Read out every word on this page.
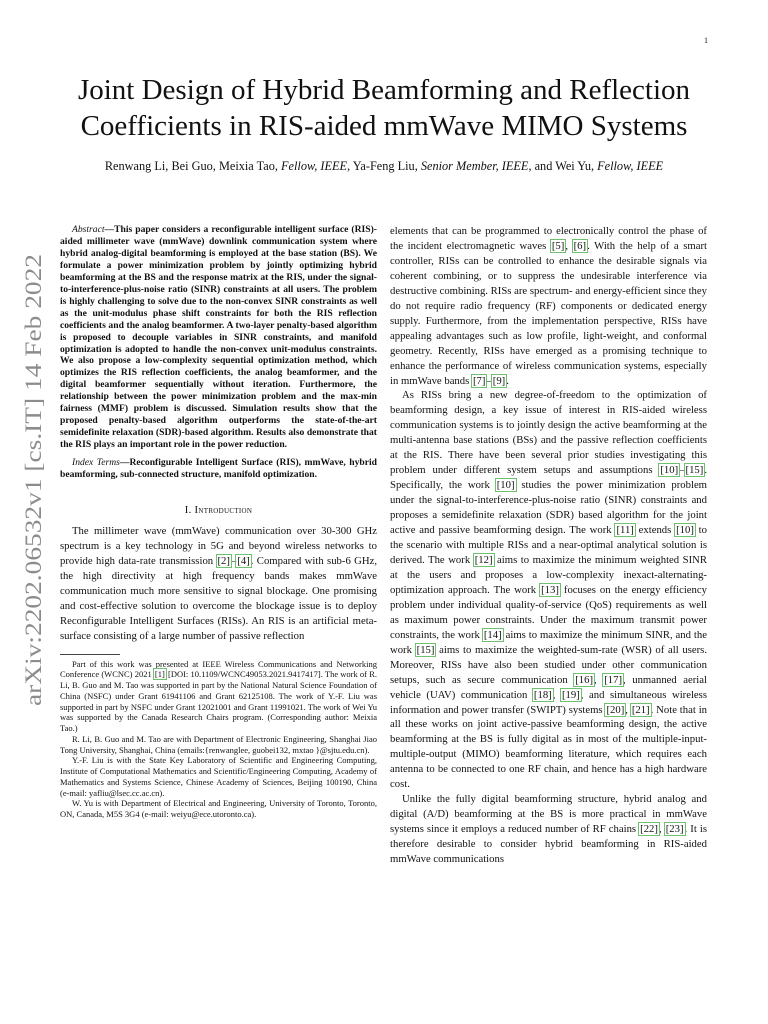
1
arXiv:2202.06532v1 [cs.IT] 14 Feb 2022
Joint Design of Hybrid Beamforming and Reflection
Coefficients in RIS-aided mmWave MIMO Systems
Renwang Li, Bei Guo, Meixia Tao, Fellow, IEEE, Ya-Feng Liu, Senior Member, IEEE, and Wei Yu, Fellow, IEEE

Abstract—This paper considers a reconfigurable intelligent surface (RIS)-aided millimeter wave (mmWave) downlink communication system where hybrid analog-digital beamforming is employed at the base station (BS). We formulate a power minimization problem by jointly optimizing hybrid beamforming at the BS and the response matrix at the RIS, under the signal-to-interference-plus-noise ratio (SINR) constraints at all users. The problem is highly challenging to solve due to the non-convex SINR constraints as well as the unit-modulus phase shift constraints for both the RIS reflection coefficients and the analog beamformer. A two-layer penalty-based algorithm is proposed to decouple variables in SINR constraints, and manifold optimization is adopted to handle the non-convex unit-modulus constraints. We also propose a low-complexity sequential optimization method, which optimizes the RIS reflection coefficients, the analog beamformer, and the digital beamformer sequentially without iteration. Furthermore, the relationship between the power minimization problem and the max-min fairness (MMF) problem is discussed. Simulation results show that the proposed penalty-based algorithm outperforms the state-of-the-art semidefinite relaxation (SDR)-based algorithm. Results also demonstrate that the RIS plays an important role in the power reduction.

Index Terms—Reconfigurable Intelligent Surface (RIS), mmWave, hybrid beamforming, sub-connected structure, manifold optimization.

I. Introduction

The millimeter wave (mmWave) communication over 30-300 GHz spectrum is a key technology in 5G and beyond wireless networks to provide high data-rate transmission [2]–[4]. Compared with sub-6 GHz, the high directivity at high frequency bands makes mmWave communication much more sensitive to signal blockage. One promising and cost-effective solution to overcome the blockage issue is to deploy Reconfigurable Intelligent Surfaces (RISs). An RIS is an artificial meta-surface consisting of a large number of passive reflection

Part of this work was presented at IEEE Wireless Communications and Networking Conference (WCNC) 2021 [1] [DOI: 10.1109/WCNC49053.2021.9417417]. The work of R. Li, B. Guo and M. Tao was supported in part by the National Natural Science Foundation of China (NSFC) under Grant 61941106 and Grant 62125108. The work of Y.-F. Liu was supported in part by NSFC under Grant 12021001 and Grant 11991021. The work of Wei Yu was supported by the Canada Research Chairs program. (Corresponding author: Meixia Tao.)

R. Li, B. Guo and M. Tao are with Department of Electronic Engineering, Shanghai Jiao Tong University, Shanghai, China (emails:{renwanglee, guobei132, mxtao }@sjtu.edu.cn).

Y.-F. Liu is with the State Key Laboratory of Scientific and Engineering Computing, Institute of Computational Mathematics and Scientific/Engineering Computing, Academy of Mathematics and Systems Science, Chinese Academy of Sciences, Beijing 100190, China (e-mail: yafliu@lsec.cc.ac.cn).

W. Yu is with Department of Electrical and Engineering, University of Toronto, Toronto, ON, Canada, M5S 3G4 (e-mail: weiyu@ece.utoronto.ca).

elements that can be programmed to electronically control the phase of the incident electromagnetic waves [5], [6]. With the help of a smart controller, RISs can be controlled to enhance the desirable signals via coherent combining, or to suppress the undesirable interference via destructive combining. RISs are spectrum- and energy-efficient since they do not require radio frequency (RF) components or dedicated energy supply. Furthermore, from the implementation perspective, RISs have appealing advantages such as low profile, light-weight, and conformal geometry. Recently, RISs have emerged as a promising technique to enhance the performance of wireless communication systems, especially in mmWave bands [7]–[9].

As RISs bring a new degree-of-freedom to the optimization of beamforming design, a key issue of interest in RIS-aided wireless communication systems is to jointly design the active beamforming at the multi-antenna base stations (BSs) and the passive reflection coefficients at the RIS. There have been several prior studies investigating this problem under different system setups and assumptions [10]–[15]. Specifically, the work [10] studies the power minimization problem under the signal-to-interference-plus-noise ratio (SINR) constraints and proposes a semidefinite relaxation (SDR) based algorithm for the joint active and passive beamforming design. The work [11] extends [10] to the scenario with multiple RISs and a near-optimal analytical solution is derived. The work [12] aims to maximize the minimum weighted SINR at the users and proposes a low-complexity inexact-alternating-optimization approach. The work [13] focuses on the energy efficiency problem under individual quality-of-service (QoS) requirements as well as maximum power constraints. Under the maximum transmit power constraints, the work [14] aims to maximize the minimum SINR, and the work [15] aims to maximize the weighted-sum-rate (WSR) of all users. Moreover, RISs have also been studied under other communication setups, such as secure communication [16], [17], unmanned aerial vehicle (UAV) communication [18], [19], and simultaneous wireless information and power transfer (SWIPT) systems [20], [21]. Note that in all these works on joint active-passive beamforming design, the active beamforming at the BS is fully digital as in most of the multiple-input-multiple-output (MIMO) beamforming literature, which requires each antenna to be connected to one RF chain, and hence has a high hardware cost.

Unlike the fully digital beamforming structure, hybrid analog and digital (A/D) beamforming at the BS is more practical in mmWave systems since it employs a reduced number of RF chains [22], [23]. It is therefore desirable to consider hybrid beamforming in RIS-aided mmWave communications
